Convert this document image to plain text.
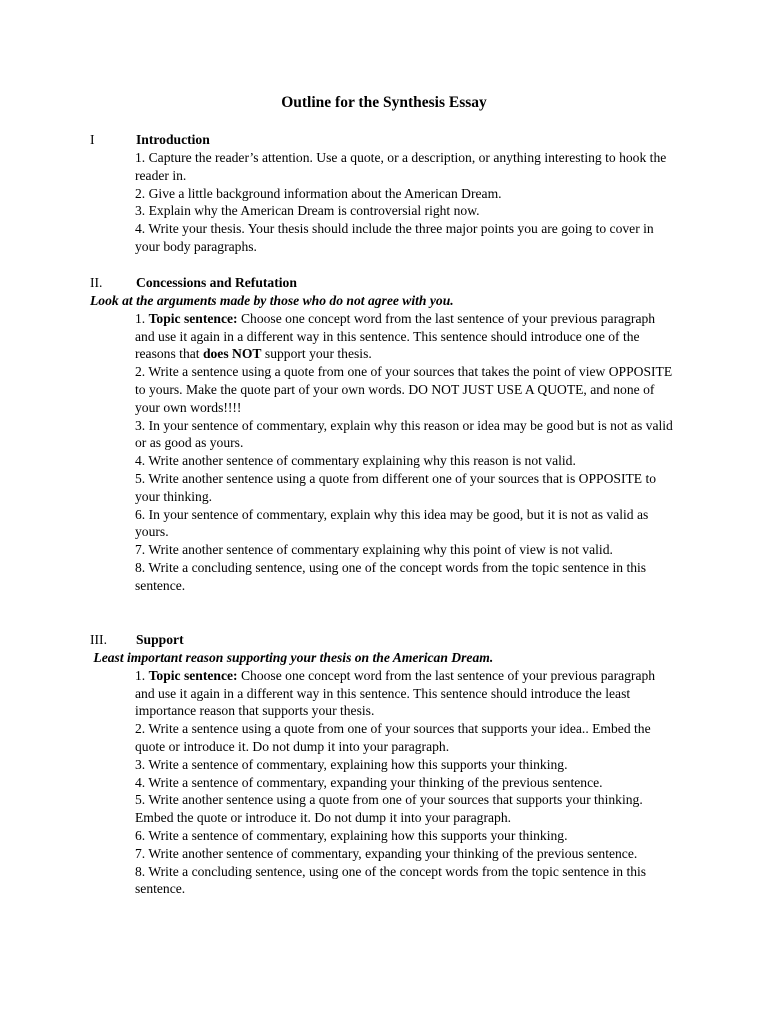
Outline for the Synthesis Essay
I	Introduction

1. Capture the reader’s attention. Use a quote, or a description, or anything interesting to hook the reader in.

2. Give a little background information about the American Dream.

3. Explain why the American Dream is controversial right now.

4. Write your thesis. Your thesis should include the three major points you are going to cover in your body paragraphs.

II. Concessions and Refutation
Look at the arguments made by those who do not agree with you.

1. Topic sentence: Choose one concept word from the last sentence of your previous paragraph and use it again in a different way in this sentence. This sentence should introduce one of the reasons that does NOT support your thesis.

2. Write a sentence using a quote from one of your sources that takes the point of view OPPOSITE to yours. Make the quote part of your own words. DO NOT JUST USE A QUOTE, and none of your own words!!!!

3. In your sentence of commentary, explain why this reason or idea may be good but is not as valid or as good as yours.

4. Write another sentence of commentary explaining why this reason is not valid.

5. Write another sentence using a quote from different one of your sources that is OPPOSITE to your thinking.

6. In your sentence of commentary, explain why this idea may be good, but it is not as valid as yours.

7. Write another sentence of commentary explaining why this point of view is not valid.

8. Write a concluding sentence, using one of the concept words from the topic sentence in this sentence.

III. Support
Least important reason supporting your thesis on the American Dream.

1. Topic sentence: Choose one concept word from the last sentence of your previous paragraph and use it again in a different way in this sentence. This sentence should introduce the least importance reason that supports your thesis.

2. Write a sentence using a quote from one of your sources that supports your idea.. Embed the quote or introduce it. Do not dump it into your paragraph.

3. Write a sentence of commentary, explaining how this supports your thinking.

4. Write a sentence of commentary, expanding your thinking of the previous sentence.

5. Write another sentence using a quote from one of your sources that supports your thinking. Embed the quote or introduce it. Do not dump it into your paragraph.

6. Write a sentence of commentary, explaining how this supports your thinking.

7. Write another sentence of commentary, expanding your thinking of the previous sentence.

8. Write a concluding sentence, using one of the concept words from the topic sentence in this sentence.
